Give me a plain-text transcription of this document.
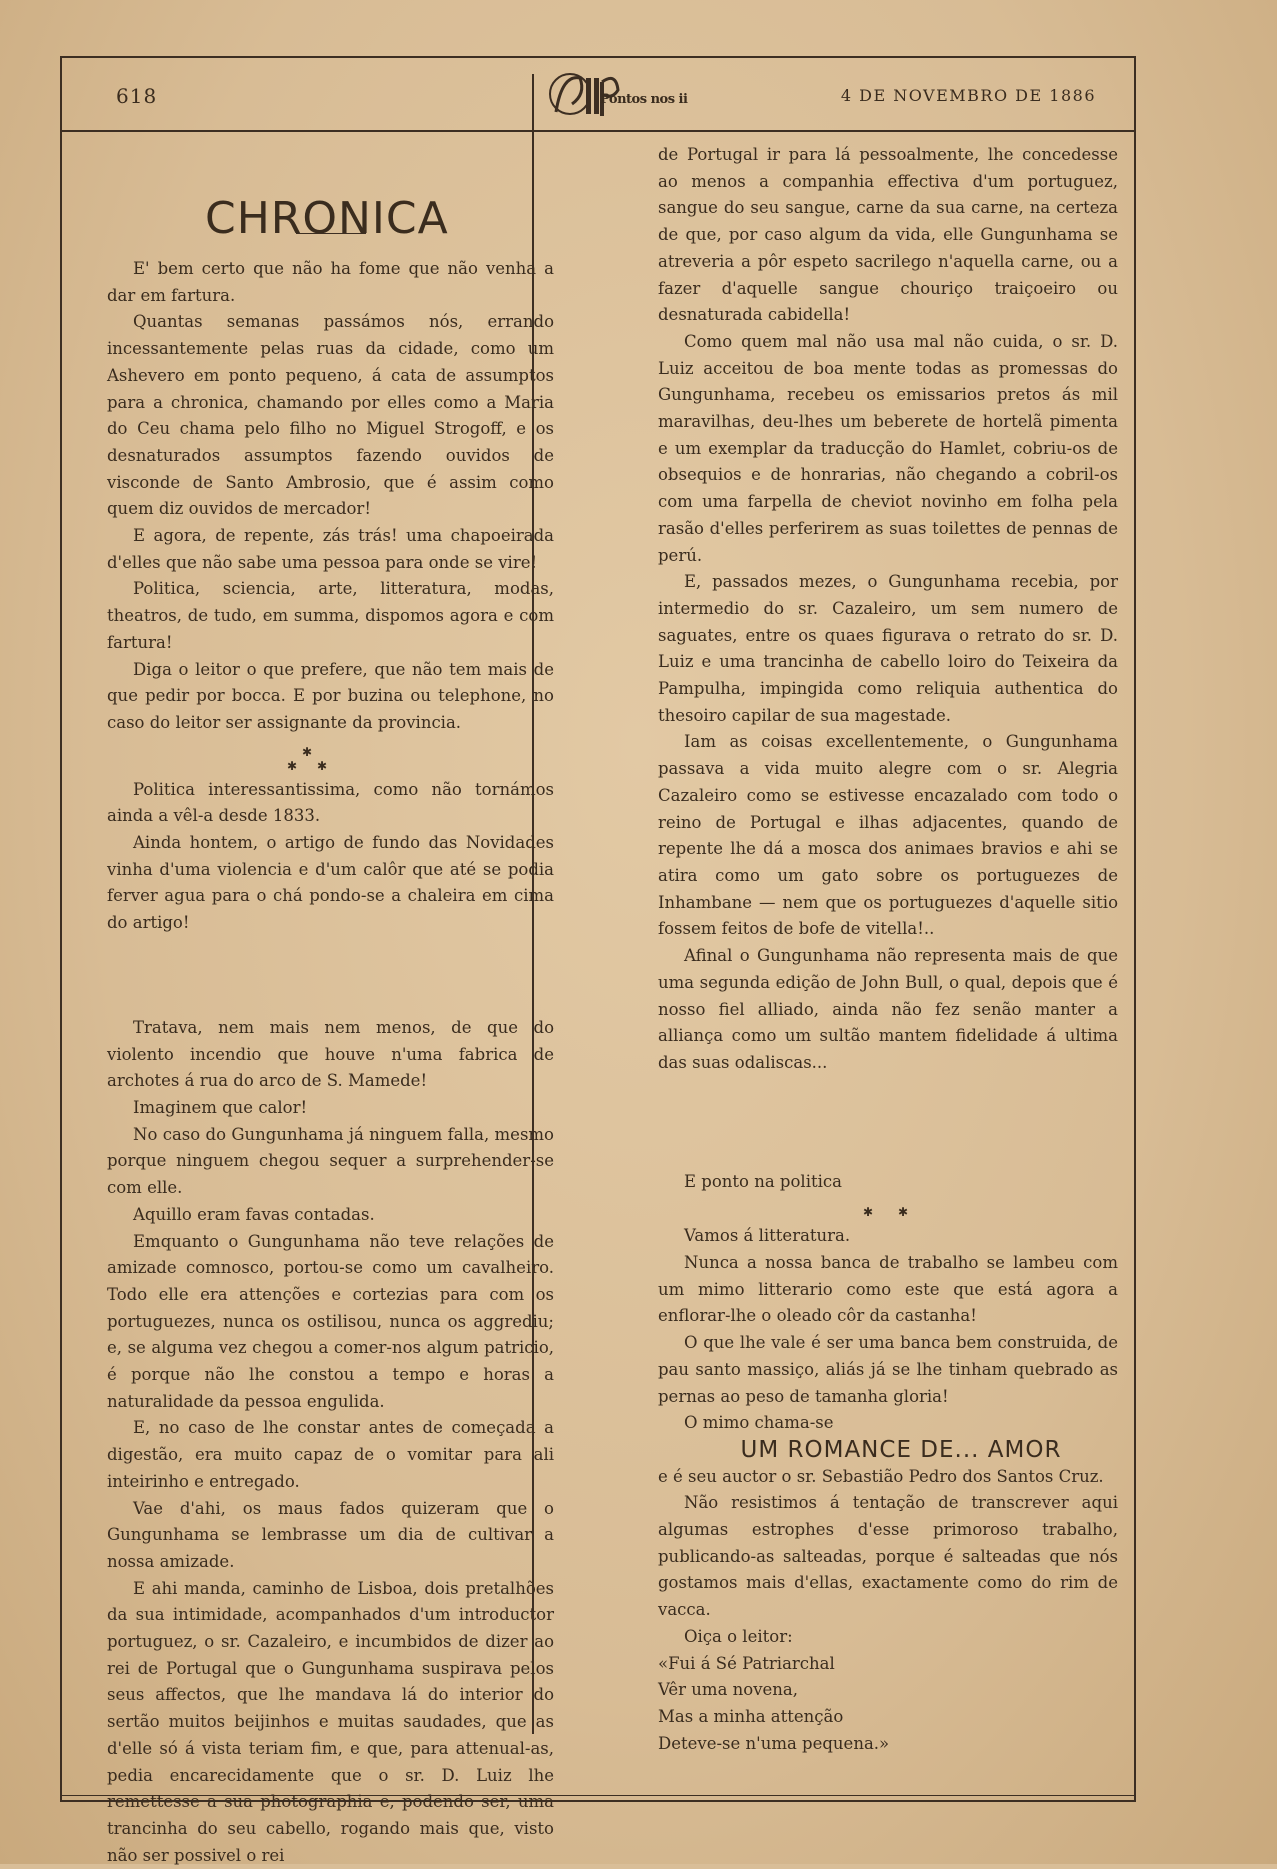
618	Pontos nos ii	4 DE NOVEMBRO DE 1886
CHRONICA

E' bem certo que não ha fome que não venha a dar em fartura.

Quantas semanas passámos nós, errando incessantemente pelas ruas da cidade, como um Ashevero em ponto pequeno, á cata de assumptos para a chronica, chamando por elles como a Maria do Ceu chama pelo filho no Miguel Strogoff, e os desnaturados assumptos fazendo ouvidos de visconde de Santo Ambrosio, que é assim como quem diz ouvidos de mercador!

E agora, de repente, zás trás! uma chapoeirada d'elles que não sabe uma pessoa para onde se vire!

Politica, sciencia, arte, litteratura, modas, theatros, de tudo, em summa, dispomos agora e com fartura!

Diga o leitor o que prefere, que não tem mais de que pedir por bocca. E por buzina ou telephone, no caso do leitor ser assignante da provincia.

✱
✱ ✱

Politica interessantissima, como não tornámos ainda a vêl-a desde 1833.

Ainda hontem, o artigo de fundo das Novidades vinha d'uma violencia e d'um calôr que até se podia ferver agua para o chá pondo-se a chaleira em cima do artigo!

Tratava, nem mais nem menos, de que do violento incendio que houve n'uma fabrica de archotes á rua do arco de S. Mamede!

Imaginem que calor!

No caso do Gungunhama já ninguem falla, mesmo porque ninguem chegou sequer a surprehender-se com elle.

Aquillo eram favas contadas.

Emquanto o Gungunhama não teve relações de amizade comnosco, portou-se como um cavalheiro. Todo elle era attenções e cortezias para com os portuguezes, nunca os ostilisou, nunca os aggrediu; e, se alguma vez chegou a comer-nos algum patricio, é porque não lhe constou a tempo e horas a naturalidade da pessoa engulida.

E, no caso de lhe constar antes de começada a digestão, era muito capaz de o vomitar para ali inteirinho e entregado.

Vae d'ahi, os maus fados quizeram que o Gungunhama se lembrasse um dia de cultivar a nossa amizade.

E ahi manda, caminho de Lisboa, dois pretalhões da sua intimidade, acompanhados d'um introductor portuguez, o sr. Cazaleiro, e incumbidos de dizer ao rei de Portugal que o Gungunhama suspirava pelos seus affectos, que lhe mandava lá do interior do sertão muitos beijinhos e muitas saudades, que as d'elle só á vista teriam fim, e que, para attenual-as, pedia encarecidamente que o sr. D. Luiz lhe remettesse a sua photographia e, podendo ser, uma trancinha do seu cabello, rogando mais que, visto não ser possivel o rei

de Portugal ir para lá pessoalmente, lhe concedesse ao menos a companhia effectiva d'um portuguez, sangue do seu sangue, carne da sua carne, na certeza de que, por caso algum da vida, elle Gungunhama se atreveria a pôr espeto sacrilego n'aquella carne, ou a fazer d'aquelle sangue chouriço traiçoeiro ou desnaturada cabidella!

Como quem mal não usa mal não cuida, o sr. D. Luiz acceitou de boa mente todas as promessas do Gungunhama, recebeu os emissarios pretos ás mil maravilhas, deu-lhes um beberete de hortelã pimenta e um exemplar da traducção do Hamlet, cobriu-os de obsequios e de honrarias, não chegando a cobril-os com uma farpella de cheviot novinho em folha pela rasão d'elles perferirem as suas toilettes de pennas de perú.

E, passados mezes, o Gungunhama recebia, por intermedio do sr. Cazaleiro, um sem numero de saguates, entre os quaes figurava o retrato do sr. D. Luiz e uma trancinha de cabello loiro do Teixeira da Pampulha, impingida como reliquia authentica do thesoiro capilar de sua magestade.

Iam as coisas excellentemente, o Gungunhama passava a vida muito alegre com o sr. Alegria Cazaleiro como se estivesse encazalado com todo o reino de Portugal e ilhas adjacentes, quando de repente lhe dá a mosca dos animaes bravios e ahi se atira como um gato sobre os portuguezes de Inhambane — nem que os portuguezes d'aquelle sitio fossem feitos de bofe de vitella!..

Afinal o Gungunhama não representa mais de que uma segunda edição de John Bull, o qual, depois que é nosso fiel alliado, ainda não fez senão manter a alliança como um sultão mantem fidelidade á ultima das suas odaliscas...

E ponto na politica

✱ ✱

Vamos á litteratura.

Nunca a nossa banca de trabalho se lambeu com um mimo litterario como este que está agora a enflorar-lhe o oleado côr da castanha!

O que lhe vale é ser uma banca bem construida, de pau santo massiço, aliás já se lhe tinham quebrado as pernas ao peso de tamanha gloria!

O mimo chama-se

UM ROMANCE DE... AMOR

e é seu auctor o sr. Sebastião Pedro dos Santos Cruz.

Não resistimos á tentação de transcrever aqui algumas estrophes d'esse primoroso trabalho, publicando-as salteadas, porque é salteadas que nós gostamos mais d'ellas, exactamente como do rim de vacca.

Oiça o leitor:

«Fui á Sé Patriarchal

Vêr uma novena,

Mas a minha attenção

Deteve-se n'uma pequena.»
